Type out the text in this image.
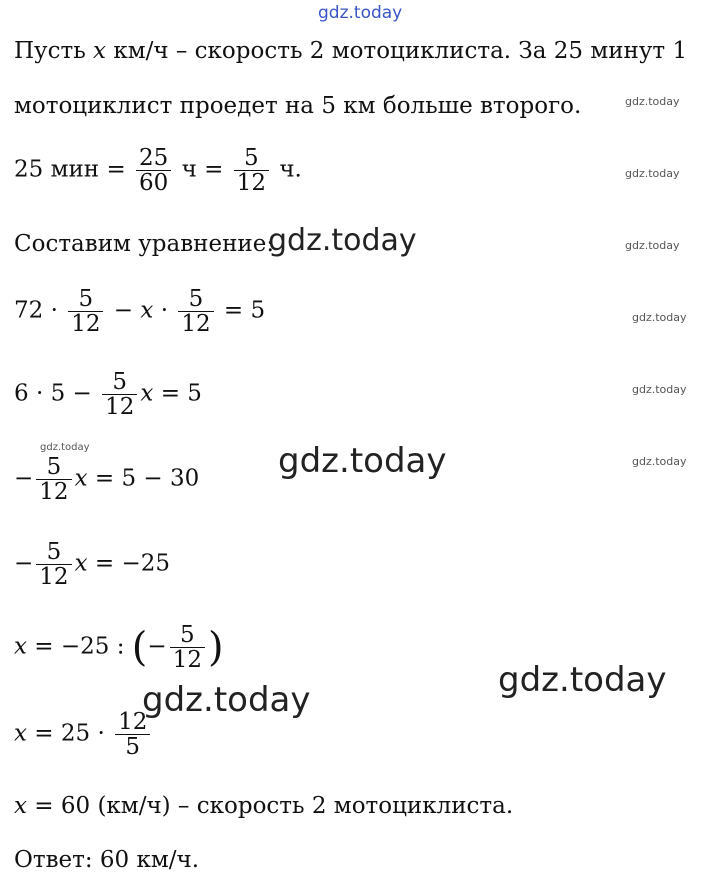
gdz.today
Пусть x км/ч – скорость 2 мотоциклиста. За 25 минут 1
мотоциклист проедет на 5 км больше второго.	gdz.today
25 мин = $\frac{25}{60}$ $ч = \frac{5}{12} ч$.	gdz.today
Составим уравнение:
gdz.today	gdz.today
$72 \cdot \frac{5}{12} - x \cdot \frac{5}{12} = 5$	gdz.today
$6 \cdot 5 - \frac{5}{12}$ x = 5	gdz.today
gdz.today
− $\frac{5}{12}$ x = 5 − 30 gdz.today	gdz.today
− $\frac{5}{12}$ x = −25
x = −25 : (− $\frac{5}{12}$ )
gdz.today
gdz.today
$x = 25 \cdot \frac{12}{5}$
x = 60 (км/ч) – скорость 2 мотоциклиста.
Ответ: 60 км/ч.
